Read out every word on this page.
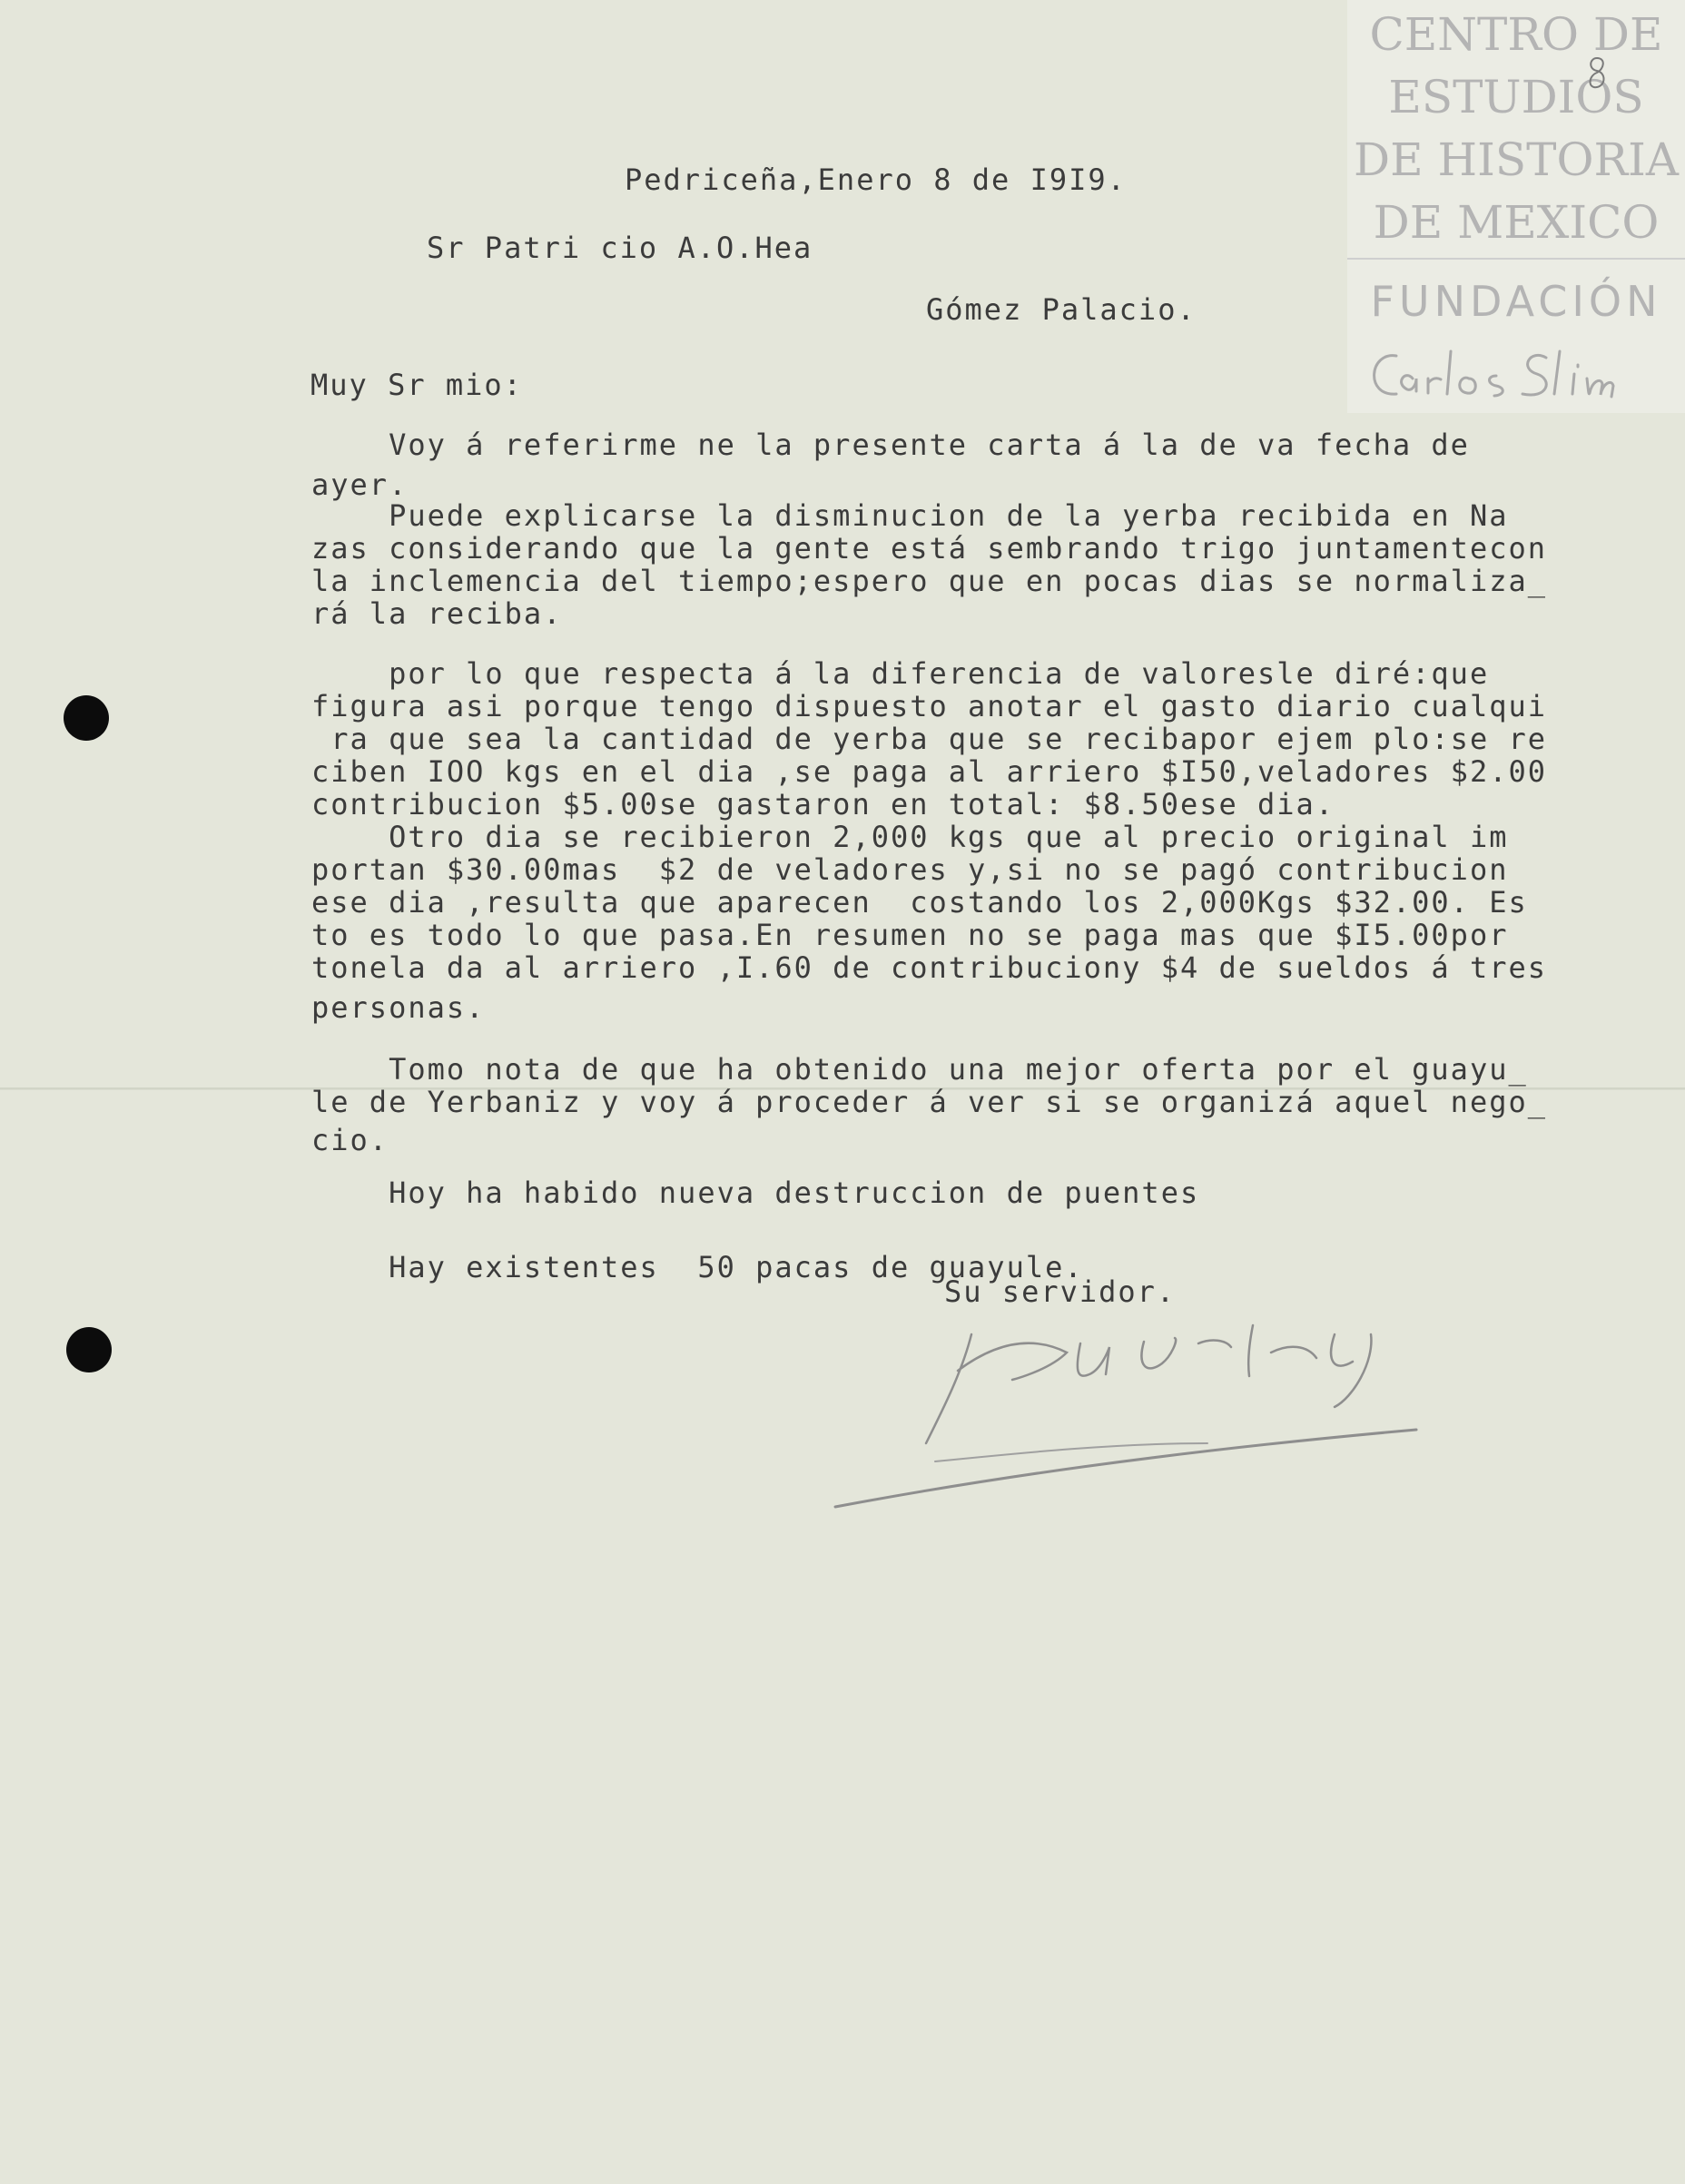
CENTRO DE
ESTUDIOS
DE HISTORIA
DE MEXICO
FUNDACIÓN

Pedriceña,Enero 8 de I9I9.

Sr Patri cio A.O.Hea

Gómez Palacio.

Muy Sr mio:

Voy á referirme ne la presente carta á la de va fecha de

ayer.

Puede explicarse la disminucion de la yerba recibida en Na

zas considerando que la gente está sembrando trigo juntamentecon

la inclemencia del tiempo;espero que en pocas dias se normaliza_

rá la reciba.

por lo que respecta á la diferencia de valoresle diré:que

figura asi porque tengo dispuesto anotar el gasto diario cualqui

ra que sea la cantidad de yerba que se recibapor ejem plo:se re

ciben IOO kgs en el dia ,se paga al arriero $I50,veladores $2.00

contribucion $5.00se gastaron en total: $8.50ese dia.

Otro dia se recibieron 2,000 kgs que al precio original im

portan $30.00mas  $2 de veladores y,si no se pagó contribucion

ese dia ,resulta que aparecen  costando los 2,000Kgs $32.00. Es

to es todo lo que pasa.En resumen no se paga mas que $I5.00por

tonela da al arriero ,I.60 de contribuciony $4 de sueldos á tres

personas.

Tomo nota de que ha obtenido una mejor oferta por el guayu_

le de Yerbaniz y voy á proceder á ver si se organizá aquel nego_

cio.

Hoy ha habido nueva destruccion de puentes

Hay existentes  50 pacas de guayule.

Su servidor.
